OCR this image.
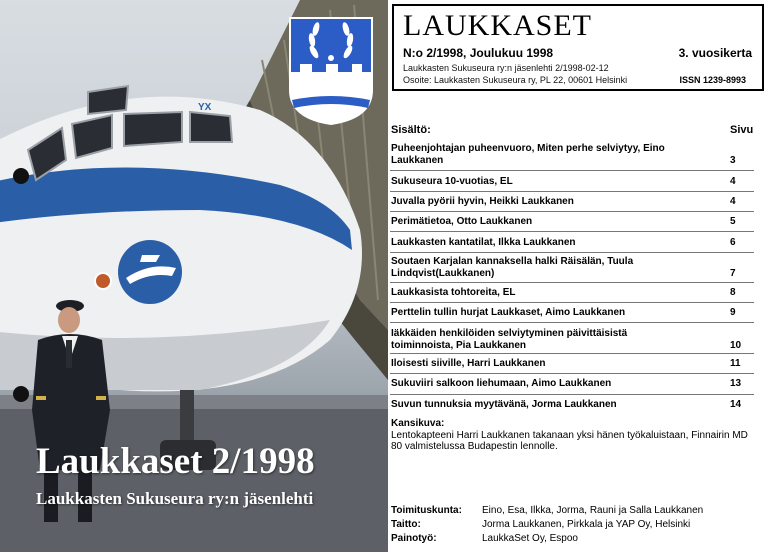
YX
Laukkaset 2/1998
Laukkasten Sukuseura ry:n jäsenlehti
LAUKKASET
N:o 2/1998, Joulukuu 1998	3. vuosikerta
Laukkasten Sukuseura ry:n jäsenlehti 2/1998-02-12
Osoite: Laukkasten Sukuseura ry, PL 22, 00601 Helsinki	ISSN 1239-8993
Sisältö:	Sivu
Puheenjohtajan puheenvuoro, Miten perhe selviytyy, Eino Laukkanen	3
Sukuseura 10-vuotias, EL	4
Juvalla pyörii hyvin, Heikki Laukkanen	4
Perimätietoa, Otto Laukkanen	5
Laukkasten kantatilat, Ilkka Laukkanen	6
Soutaen Karjalan kannaksella halki Räisälän, Tuula Lindqvist(Laukkanen)	7
Laukkasista tohtoreita, EL	8
Perttelin tullin hurjat Laukkaset, Aimo Laukkanen	9
Iäkkäiden henkilöiden selviytyminen päivittäisistä toiminnoista, Pia Laukkanen	10
Iloisesti siiville, Harri Laukkanen	11
Sukuviiri salkoon liehumaan, Aimo Laukkanen	13
Suvun tunnuksia myytävänä, Jorma Laukkanen	14
Kansikuva:
Lentokapteeni Harri Laukkanen takanaan yksi hänen työkaluistaan, Finnairin MD 80 valmistelussa Budapestin lennolle.
Toimituskunta: Eino, Esa, Ilkka, Jorma, Rauni ja Salla Laukkanen
Taitto:	Jorma Laukkanen, Pirkkala ja YAP Oy, Helsinki
Painotyö:	LaukkaSet Oy, Espoo
